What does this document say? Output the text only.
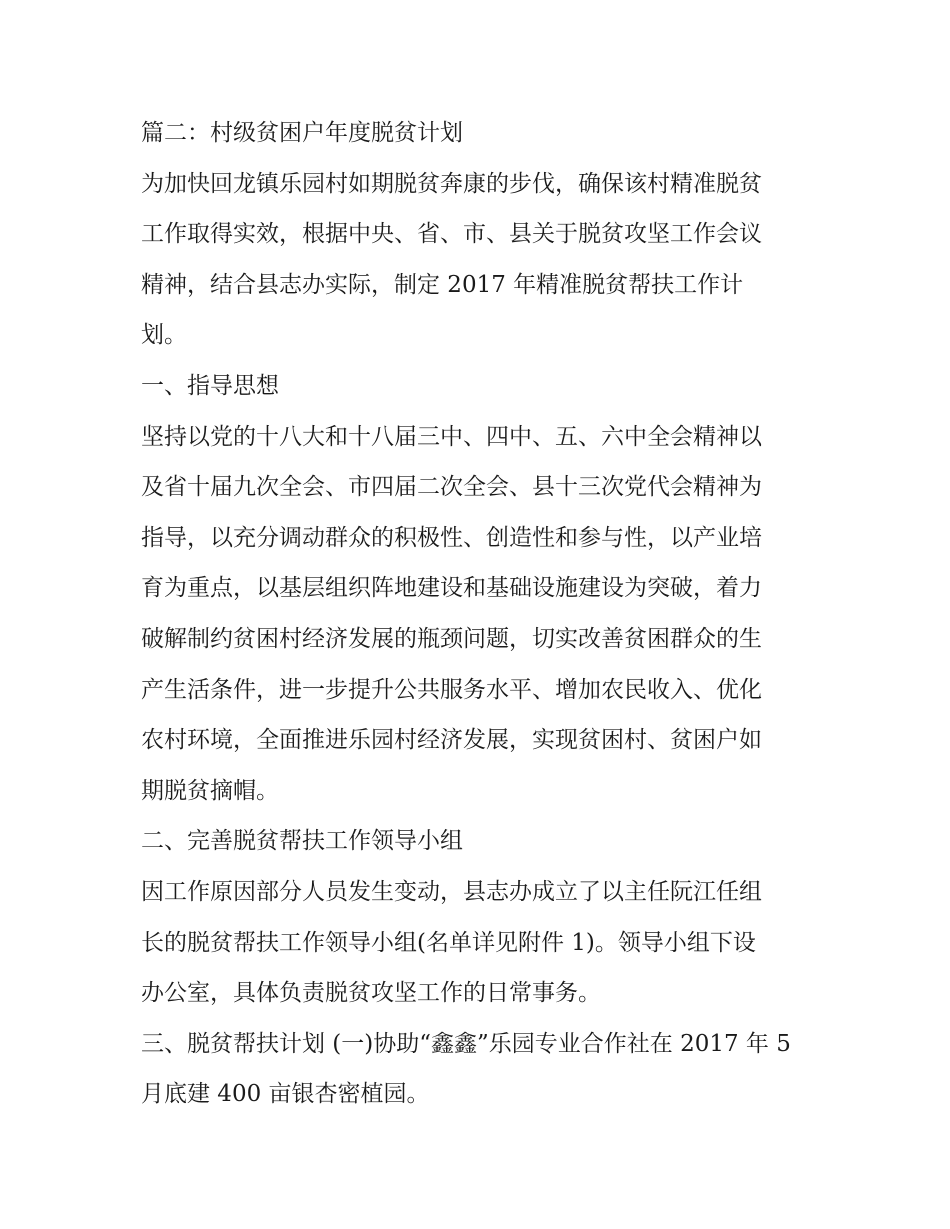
篇二：村级贫困户年度脱贫计划
为加快回龙镇乐园村如期脱贫奔康的步伐，确保该村精准脱贫
工作取得实效，根据中央、省、市、县关于脱贫攻坚工作会议
精神，结合县志办实际，制定 2017 年精准脱贫帮扶工作计
划。
一、指导思想
坚持以党的十八大和十八届三中、四中、五、六中全会精神以
及省十届九次全会、市四届二次全会、县十三次党代会精神为
指导，以充分调动群众的积极性、创造性和参与性，以产业培
育为重点，以基层组织阵地建设和基础设施建设为突破，着力
破解制约贫困村经济发展的瓶颈问题，切实改善贫困群众的生
产生活条件，进一步提升公共服务水平、增加农民收入、优化
农村环境，全面推进乐园村经济发展，实现贫困村、贫困户如
期脱贫摘帽。
二、完善脱贫帮扶工作领导小组
因工作原因部分人员发生变动，县志办成立了以主任阮江任组
长的脱贫帮扶工作领导小组(名单详见附件 1)。领导小组下设
办公室，具体负责脱贫攻坚工作的日常事务。
三、脱贫帮扶计划 (一)协助“鑫鑫”乐园专业合作社在 2017 年 5
月底建 400 亩银杏密植园。
